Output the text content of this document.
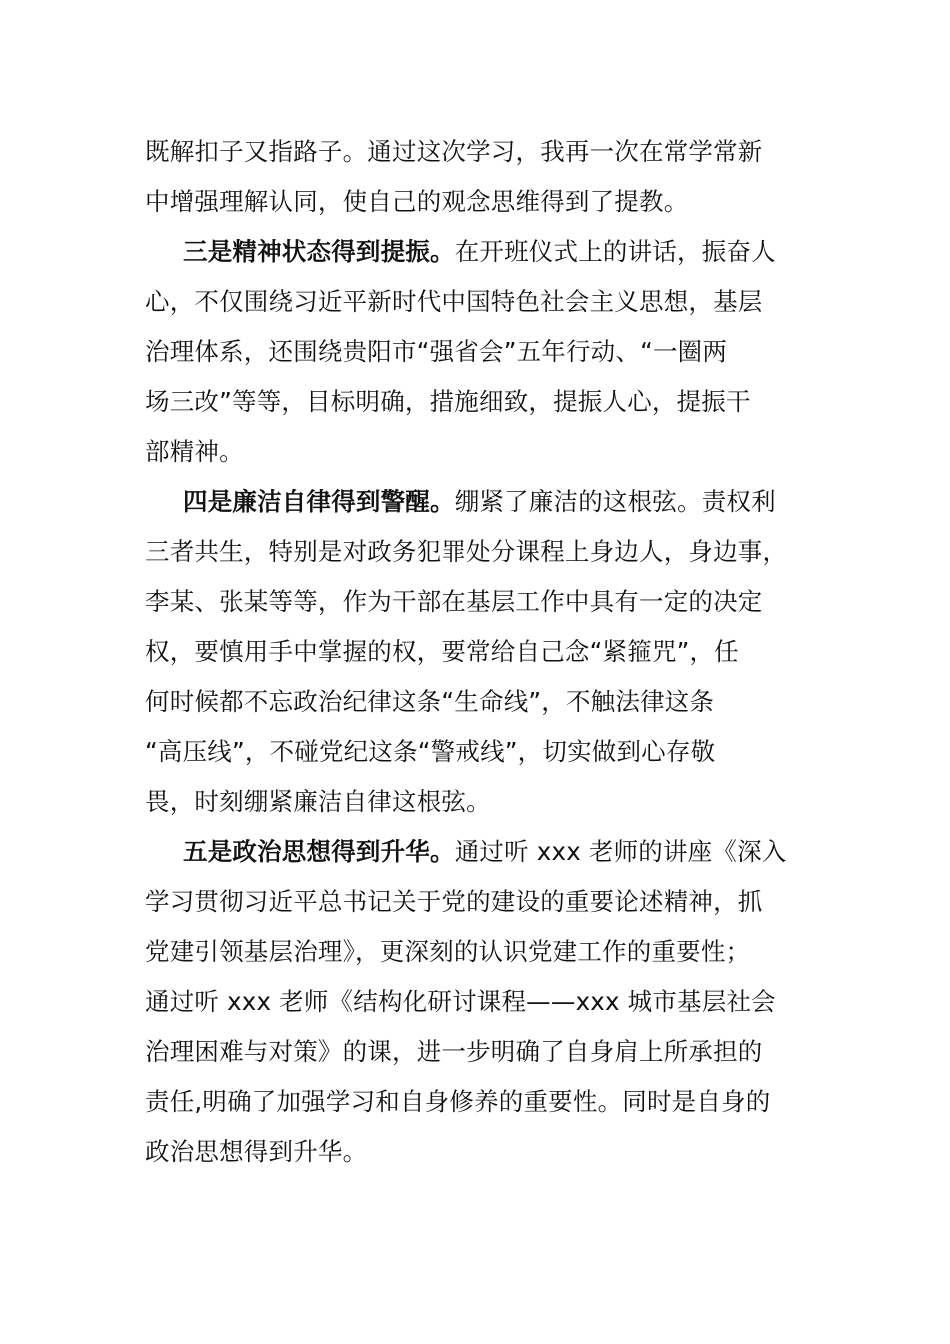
既解扣子又指路子。通过这次学习，我再一次在常学常新
中增强理解认同，使自己的观念思维得到了提教。
三是精神状态得到提振。在开班仪式上的讲话，振奋人
心，不仅围绕习近平新时代中国特色社会主义思想，基层
治理体系，还围绕贵阳市“强省会”五年行动、“一圈两
场三改”等等，目标明确，措施细致，提振人心，提振干
部精神。
四是廉洁自律得到警醒。绷紧了廉洁的这根弦。责权利
三者共生，特别是对政务犯罪处分课程上身边人，身边事，
李某、张某等等，作为干部在基层工作中具有一定的决定
权，要慎用手中掌握的权，要常给自己念“紧箍咒”，任
何时候都不忘政治纪律这条“生命线”，不触法律这条
“高压线”，不碰党纪这条“警戒线”，切实做到心存敬
畏，时刻绷紧廉洁自律这根弦。
五是政治思想得到升华。通过听 xxx 老师的讲座《深入
学习贯彻习近平总书记关于党的建设的重要论述精神，抓
党建引领基层治理》，更深刻的认识党建工作的重要性；
通过听 xxx 老师《结构化研讨课程——xxx 城市基层社会
治理困难与对策》的课，进一步明确了自身肩上所承担的
责任,明确了加强学习和自身修养的重要性。同时是自身的
政治思想得到升华。
